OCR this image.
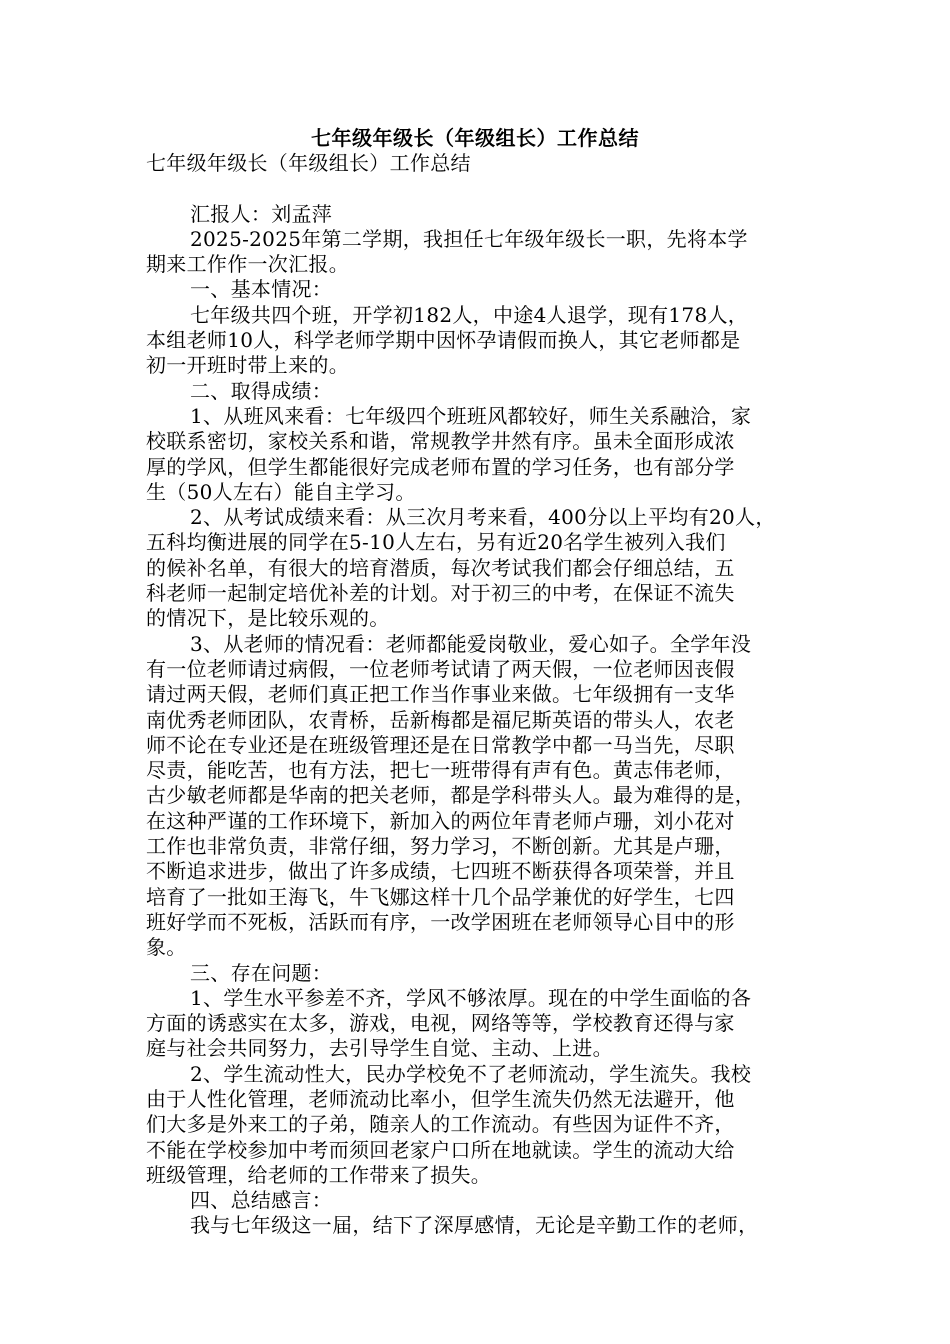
七年级年级长（年级组长）工作总结
七年级年级长（年级组长）工作总结
汇报人：刘孟萍
2025-2025年第二学期，我担任七年级年级长一职，先将本学
期来工作作一次汇报。
一、基本情况：
七年级共四个班，开学初182人，中途4人退学，现有178人，
本组老师10人，科学老师学期中因怀孕请假而换人，其它老师都是
初一开班时带上来的。
二、取得成绩：
1、从班风来看：七年级四个班班风都较好，师生关系融洽，家
校联系密切，家校关系和谐，常规教学井然有序。虽未全面形成浓
厚的学风，但学生都能很好完成老师布置的学习任务，也有部分学
生（50人左右）能自主学习。
2、从考试成绩来看：从三次月考来看，400分以上平均有20人，
五科均衡进展的同学在5-10人左右，另有近20名学生被列入我们
的候补名单，有很大的培育潜质，每次考试我们都会仔细总结，五
科老师一起制定培优补差的计划。对于初三的中考，在保证不流失
的情况下，是比较乐观的。
3、从老师的情况看：老师都能爱岗敬业，爱心如子。全学年没
有一位老师请过病假，一位老师考试请了两天假，一位老师因丧假
请过两天假，老师们真正把工作当作事业来做。七年级拥有一支华
南优秀老师团队，农青桥，岳新梅都是福尼斯英语的带头人，农老
师不论在专业还是在班级管理还是在日常教学中都一马当先，尽职
尽责，能吃苦，也有方法，把七一班带得有声有色。黄志伟老师，
古少敏老师都是华南的把关老师，都是学科带头人。最为难得的是，
在这种严谨的工作环境下，新加入的两位年青老师卢珊，刘小花对
工作也非常负责，非常仔细，努力学习，不断创新。尤其是卢珊，
不断追求进步，做出了许多成绩，七四班不断获得各项荣誉，并且
培育了一批如王海飞，牛飞娜这样十几个品学兼优的好学生，七四
班好学而不死板，活跃而有序，一改学困班在老师领导心目中的形
象。
三、存在问题：
1、学生水平参差不齐，学风不够浓厚。现在的中学生面临的各
方面的诱惑实在太多，游戏，电视，网络等等，学校教育还得与家
庭与社会共同努力，去引导学生自觉、主动、上进。
2、学生流动性大，民办学校免不了老师流动，学生流失。我校
由于人性化管理，老师流动比率小，但学生流失仍然无法避开，他
们大多是外来工的子弟，随亲人的工作流动。有些因为证件不齐，
不能在学校参加中考而须回老家户口所在地就读。学生的流动大给
班级管理，给老师的工作带来了损失。
四、总结感言：
我与七年级这一届，结下了深厚感情，无论是辛勤工作的老师，
